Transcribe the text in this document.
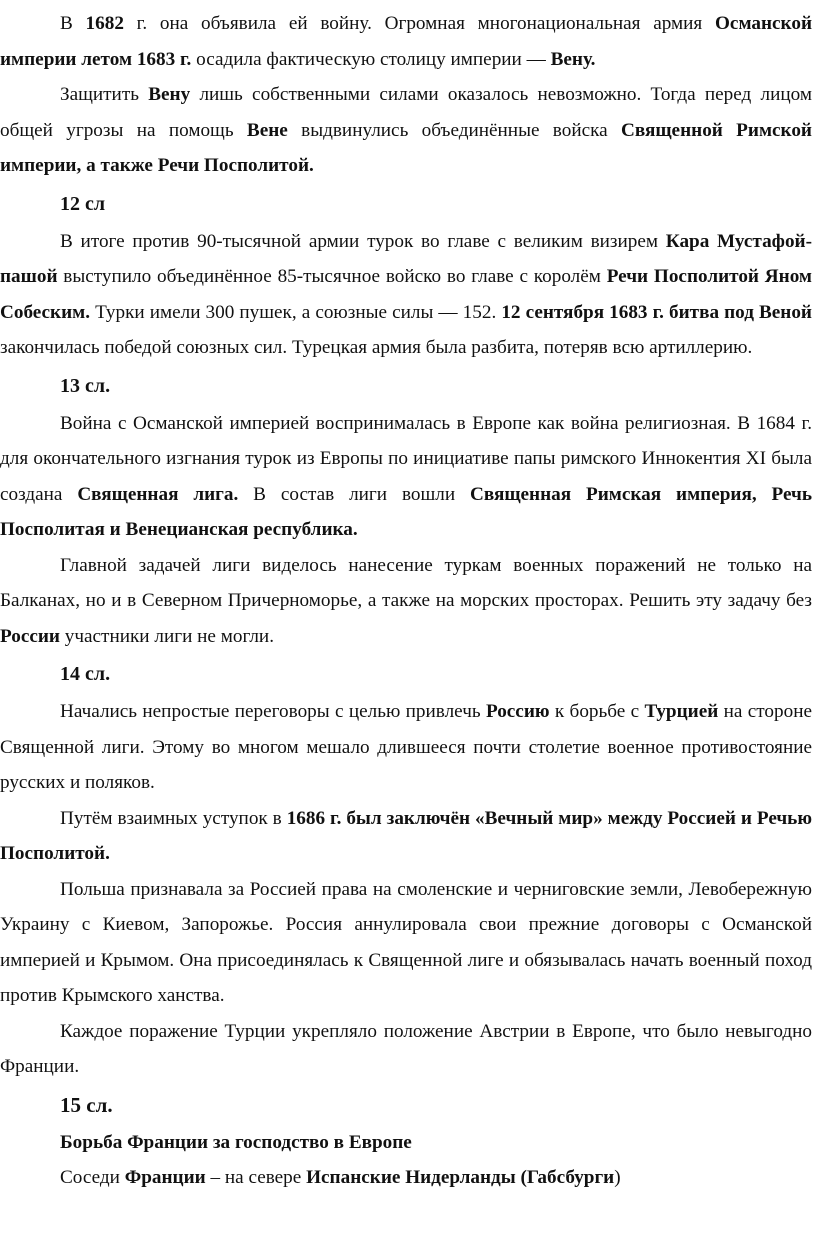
В 1682 г. она объявила ей войну. Огромная многонациональная армия Османской империи летом 1683 г. осадила фактическую столицу империи — Вену.

Защитить Вену лишь собственными силами оказалось невозможно. Тогда перед лицом общей угрозы на помощь Вене выдвинулись объединённые войска Священной Римской империи, а также Речи Посполитой.

12 сл

В итоге против 90-тысячной армии турок во главе с великим визирем Кара Мустафой-пашой выступило объединённое 85-тысячное войско во главе с королём Речи Посполитой Яном Собеским. Турки имели 300 пушек, а союзные силы — 152. 12 сентября 1683 г. битва под Веной закончилась победой союзных сил. Турецкая армия была разбита, потеряв всю артиллерию.

13 сл.

Война с Османской империей воспринималась в Европе как война религиозная. В 1684 г. для окончательного изгнания турок из Европы по инициативе папы римского Иннокентия XI была создана Священная лига. В состав лиги вошли Священная Римская империя, Речь Посполитая и Венецианская республика.

Главной задачей лиги виделось нанесение туркам военных поражений не только на Балканах, но и в Северном Причерноморье, а также на морских просторах. Решить эту задачу без России участники лиги не могли.

14 сл.

Начались непростые переговоры с целью привлечь Россию к борьбе с Турцией на стороне Священной лиги. Этому во многом мешало длившееся почти столетие военное противостояние русских и поляков.

Путём взаимных уступок в 1686 г. был заключён «Вечный мир» между Россией и Речью Посполитой.

Польша признавала за Россией права на смоленские и черниговские земли, Левобережную Украину с Киевом, Запорожье. Россия аннулировала свои прежние договоры с Османской империей и Крымом. Она присоединялась к Священной лиге и обязывалась начать военный поход против Крымского ханства.

Каждое поражение Турции укрепляло положение Австрии в Европе, что было невыгодно Франции.

15 сл.

Борьба Франции за господство в Европе

Соседи Франции – на севере Испанские Нидерланды (Габсбурги)
